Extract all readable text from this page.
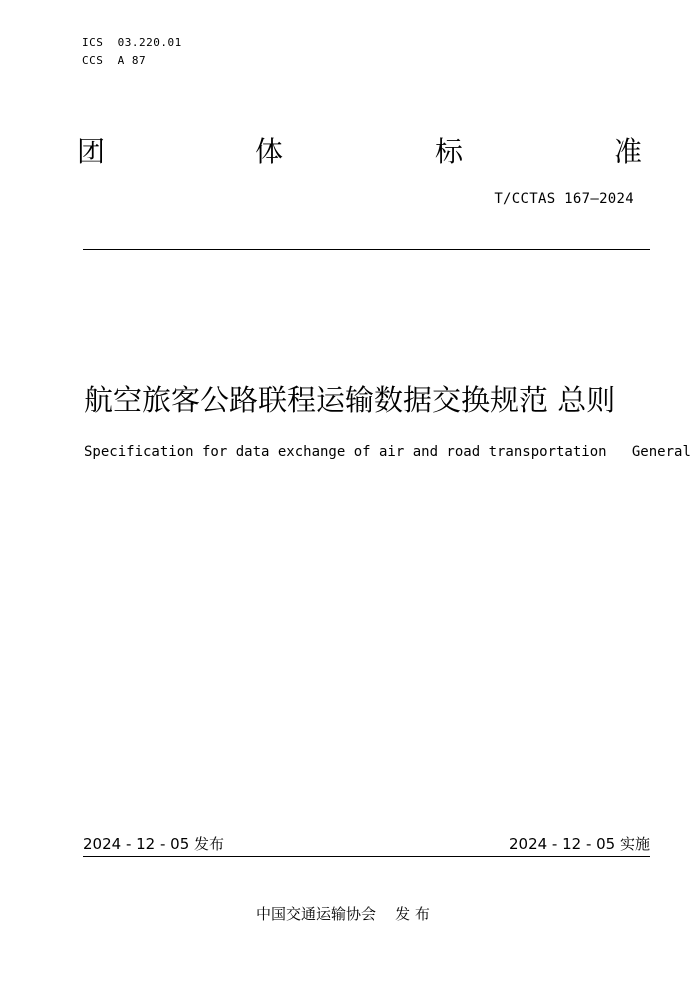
ICS  03.220.01
CCS  A 87
团	体	标	准
T/CCTAS 167—2024
航空旅客公路联程运输数据交换规范 总则
Specification for data exchange of air and road transportation   General
2024 - 12 - 05 发布	2024 - 12 - 05 实施
中国交通运输协会    发 布
